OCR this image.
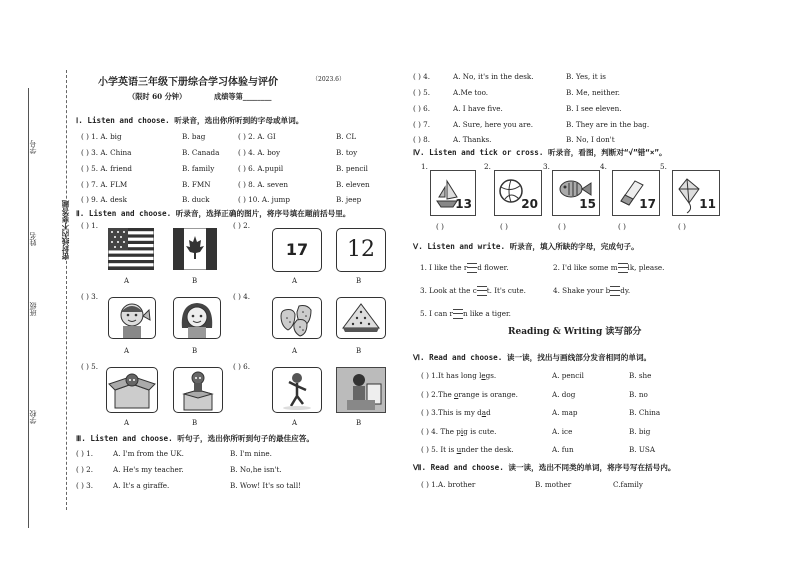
学号
姓名
班级
学校
密封线内不要答题
小学英语三年级下册综合学习体验与评价	（2023.6）
（限时 60 分钟）	成绩等第________
Ⅰ. Listen and choose. 听录音，选出你所听到的字母或单词。
( ) 1. A. big	B. bag	( ) 2. A. GI	B. CL
( ) 3. A. China	B. Canada	( ) 4. A. boy	B. toy
( ) 5. A. friend	B. family	( ) 6. A.pupil	B. pencil
( ) 7. A. FLM	B. FMN	( ) 8. A. seven	B. eleven
( ) 9. A. desk	B. duck	( ) 10. A. jump	B. jeep
Ⅱ. Listen and choose. 听录音，选择正确的图片，将序号填在题前括号里。
( ) 1.	( ) 2.
17	12
A	B	A	B
( ) 3.	( ) 4.
A	B	A	B
( ) 5.	( ) 6.
A	B	A	B
Ⅲ. Listen and choose. 听句子，选出你所听到句子的最佳应答。
( ) 1.	A. I'm from the UK.	B. I'm nine.
( ) 2.	A. He's my teacher.	B. No,he isn't.
( ) 3.	A. It's a giraffe.	B. Wow! It's so tall!
( ) 4.	A. No, it's in the desk.	B. Yes, it is
( ) 5.	A.Me too.	B. Me, neither.
( ) 6.	A. I have five.	B. I see eleven.
( ) 7.	A. Sure, here you are.	B. They are in the bag.
( ) 8.	A. Thanks.	B. No, I don't
Ⅳ. Listen and tick or cross. 听录音，看图，判断对“√”错“×”。
1.	2.	3.	4.	5.
13	20	15	17	11
( )	( )	( )	( )	( )
Ⅴ. Listen and write. 听录音，填入所缺的字母，完成句子。
1. I like the r d flower.	2. I'd like some m lk, please.
3. Look at the c t. It's cute.	4. Shake your b dy.
5. I can r n like a tiger.
Reading & Writing 读写部分
Ⅵ. Read and choose. 读一读，找出与画线部分发音相同的单词。
( ) 1.It has long legs.	A. pencil	B. she
( ) 2.The orange is orange.	A. dog	B. no
( ) 3.This is my dad	A. map	B. China
( ) 4. The pig is cute.	A. ice	B. big
( ) 5. It is under the desk.	A. fun	B. USA
Ⅶ. Read and choose. 读一读，选出不同类的单词，将序号写在括号内。
( ) 1.A. brother	B. mother	C.family
